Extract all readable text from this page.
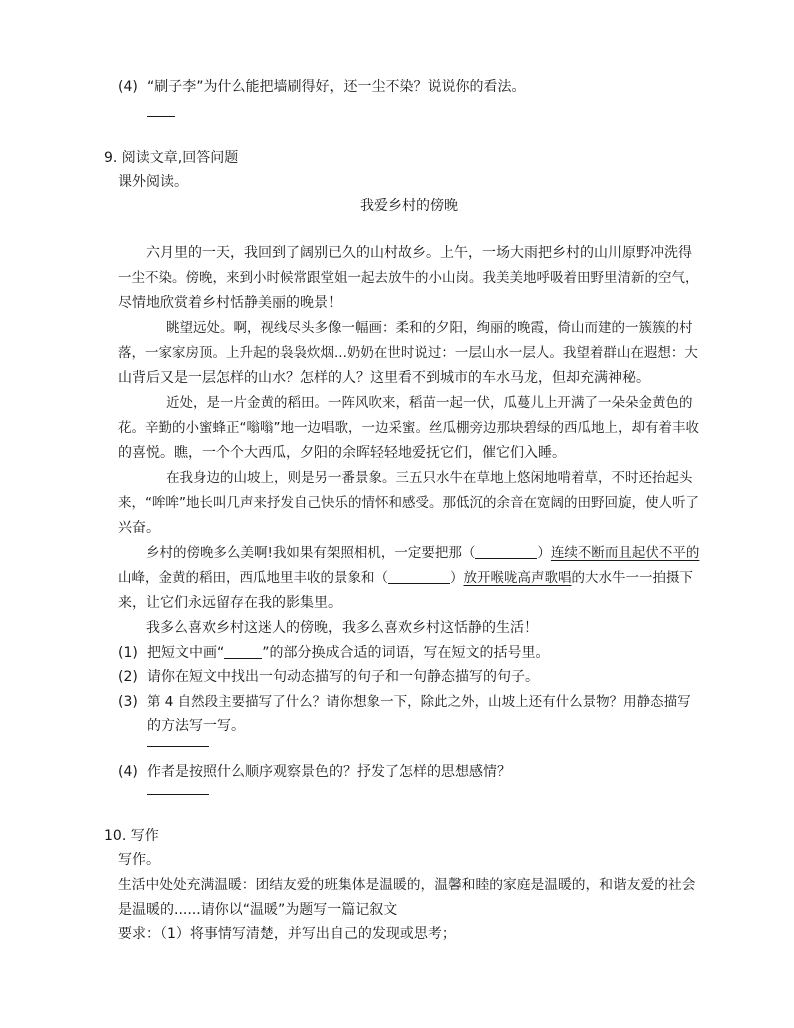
(4) “刷子李”为什么能把墙刷得好，还一尘不染？说说你的看法。
9. 阅读文章,回答问题
课外阅读。
我爱乡村的傍晚
六月里的一天，我回到了阔别已久的山村故乡。上午，一场大雨把乡村的山川原野冲洗得
一尘不染。傍晚，来到小时候常跟堂姐一起去放牛的小山岗。我美美地呼吸着田野里清新的空气，
尽情地欣赏着乡村恬静美丽的晚景！
眺望远处。啊，视线尽头多像一幅画：柔和的夕阳，绚丽的晚霞，倚山而建的一簇簇的村
落，一家家房顶。上升起的袅袅炊烟...奶奶在世时说过：一层山水一层人。我望着群山在遐想：大
山背后又是一层怎样的山水？怎样的人？这里看不到城市的车水马龙，但却充满神秘。
近处，是一片金黄的稻田。一阵风吹来，稻苗一起一伏，瓜蔓儿上开满了一朵朵金黄色的
花。辛勤的小蜜蜂正“嗡嗡”地一边唱歌，一边采蜜。丝瓜棚旁边那块碧绿的西瓜地上，却有着丰收
的喜悦。瞧，一个个大西瓜，夕阳的余晖轻轻地爱抚它们，催它们入睡。
在我身边的山坡上，则是另一番景象。三五只水牛在草地上悠闲地啃着草，不时还抬起头
来，“哞哞”地长叫几声来抒发自己快乐的情怀和感受。那低沉的余音在宽阔的田野回旋，使人听了
兴奋。
乡村的傍晚多么美啊!我如果有架照相机，一定要把那（	）连续不断而且起伏不平的
山峰，金黄的稻田，西瓜地里丰收的景象和（	）放开喉咙高声歌唱的大水牛一一拍摄下
来，让它们永远留存在我的影集里。
我多么喜欢乡村这迷人的傍晚，我多么喜欢乡村这恬静的生活！
(1) 把短文中画“	”的部分换成合适的词语，写在短文的括号里。
(2) 请你在短文中找出一句动态描写的句子和一句静态描写的句子。
(3) 第 4 自然段主要描写了什么？请你想象一下，除此之外，山坡上还有什么景物？用静态描写
的方法写一写。
(4) 作者是按照什么顺序观察景色的？抒发了怎样的思想感情？
10. 写作
写作。
生活中处处充满温暖：团结友爱的班集体是温暖的，温馨和睦的家庭是温暖的，和谐友爱的社会
是温暖的......请你以“温暖”为题写一篇记叙文
要求：（1）将事情写清楚，并写出自己的发现或思考；
